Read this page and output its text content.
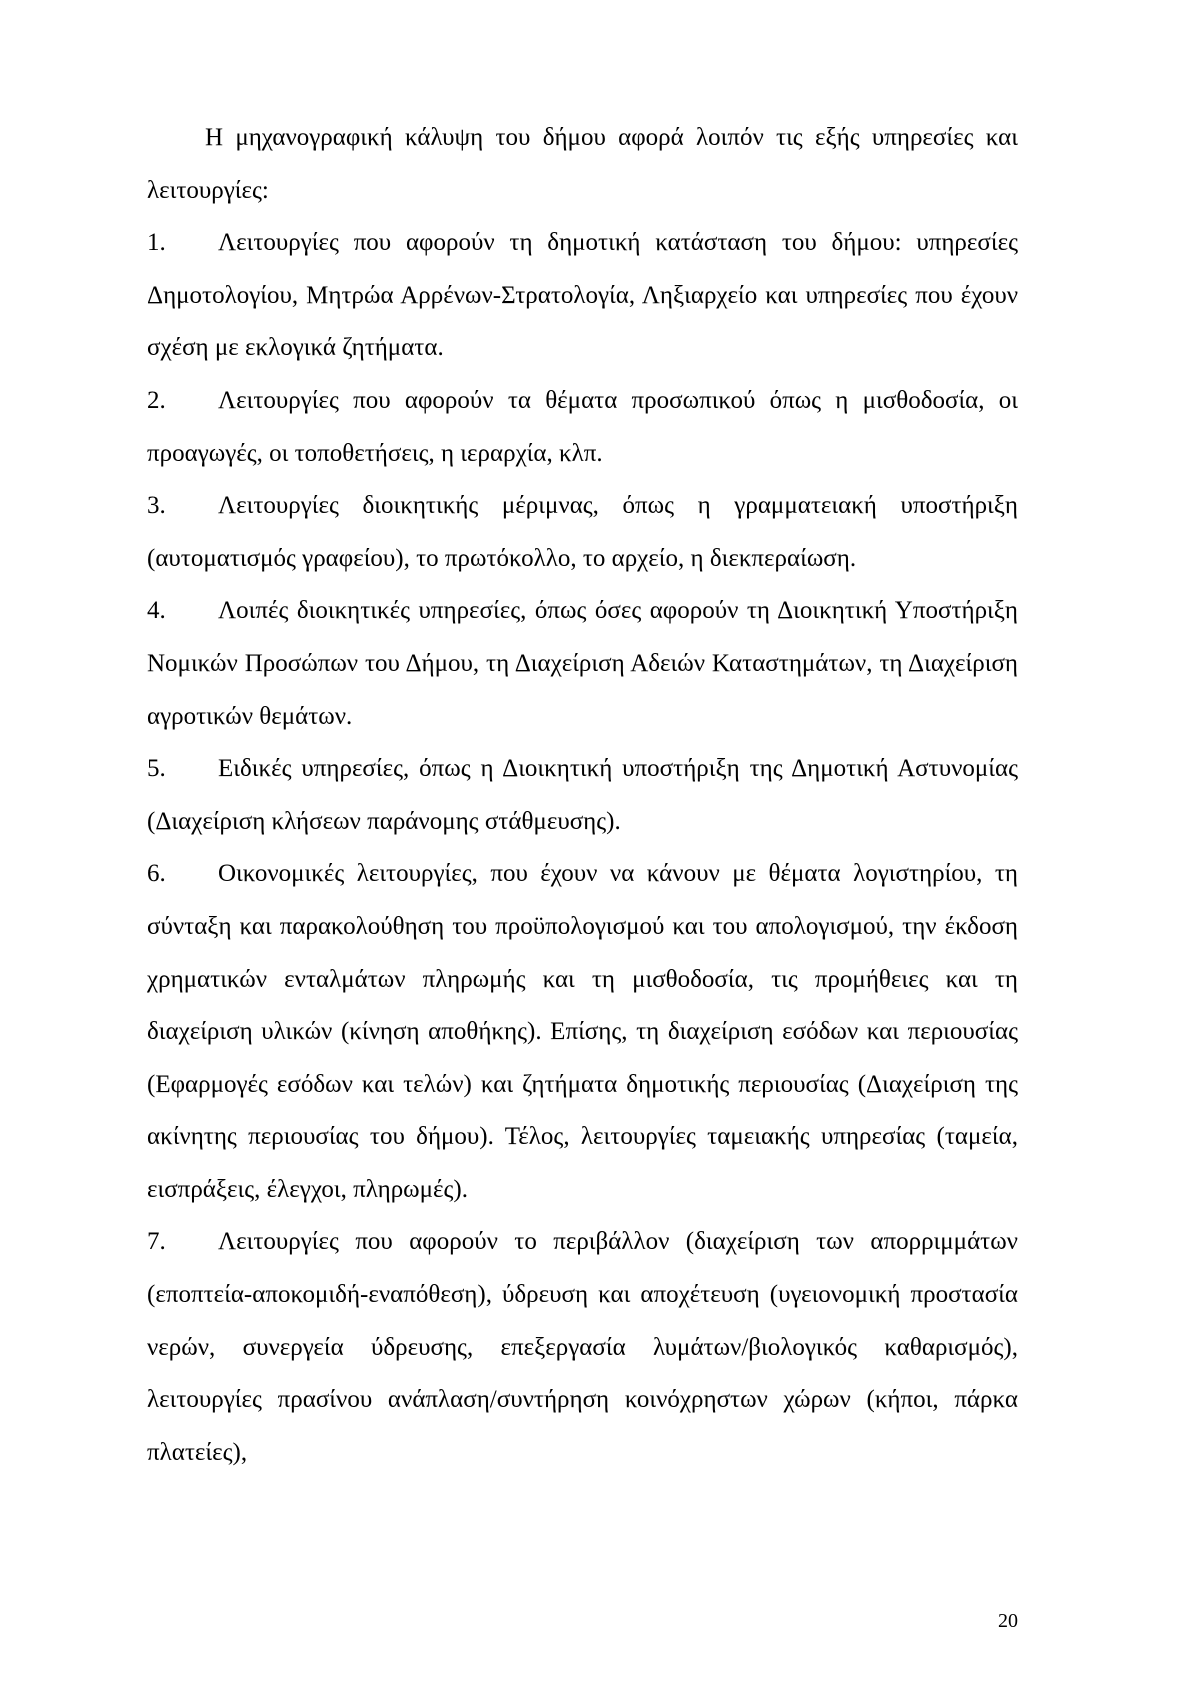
Η μηχανογραφική κάλυψη του δήμου αφορά λοιπόν τις εξής υπηρεσίες και λειτουργίες:

1. Λειτουργίες που αφορούν τη δημοτική κατάσταση του δήμου: υπηρεσίες Δημοτολογίου, Μητρώα Αρρένων-Στρατολογία, Ληξιαρχείο και υπηρεσίες που έχουν σχέση με εκλογικά ζητήματα.

2. Λειτουργίες που αφορούν τα θέματα προσωπικού όπως η μισθοδοσία, οι προαγωγές, οι τοποθετήσεις, η ιεραρχία, κλπ.

3. Λειτουργίες διοικητικής μέριμνας, όπως η γραμματειακή υποστήριξη (αυτοματισμός γραφείου), το πρωτόκολλο, το αρχείο, η διεκπεραίωση.

4. Λοιπές διοικητικές υπηρεσίες, όπως όσες αφορούν τη Διοικητική Υποστήριξη Νομικών Προσώπων του Δήμου, τη Διαχείριση Αδειών Καταστημάτων, τη Διαχείριση αγροτικών θεμάτων.

5. Ειδικές υπηρεσίες, όπως η Διοικητική υποστήριξη της Δημοτική Αστυνομίας (Διαχείριση κλήσεων παράνομης στάθμευσης).

6. Οικονομικές λειτουργίες, που έχουν να κάνουν με θέματα λογιστηρίου, τη σύνταξη και παρακολούθηση του προϋπολογισμού και του απολογισμού, την έκδοση χρηματικών ενταλμάτων πληρωμής και τη μισθοδοσία, τις προμήθειες και τη διαχείριση υλικών (κίνηση αποθήκης). Επίσης, τη διαχείριση εσόδων και περιουσίας (Εφαρμογές εσόδων και τελών) και ζητήματα δημοτικής περιουσίας (Διαχείριση της ακίνητης περιουσίας του δήμου). Τέλος, λειτουργίες ταμειακής υπηρεσίας (ταμεία, εισπράξεις, έλεγχοι, πληρωμές).

7. Λειτουργίες που αφορούν το περιβάλλον (διαχείριση των απορριμμάτων (εποπτεία-αποκομιδή-εναπόθεση), ύδρευση και αποχέτευση (υγειονομική προστασία νερών, συνεργεία ύδρευσης, επεξεργασία λυμάτων/βιολογικός καθαρισμός), λειτουργίες πρασίνου ανάπλαση/συντήρηση κοινόχρηστων χώρων (κήποι, πάρκα πλατείες),

20
